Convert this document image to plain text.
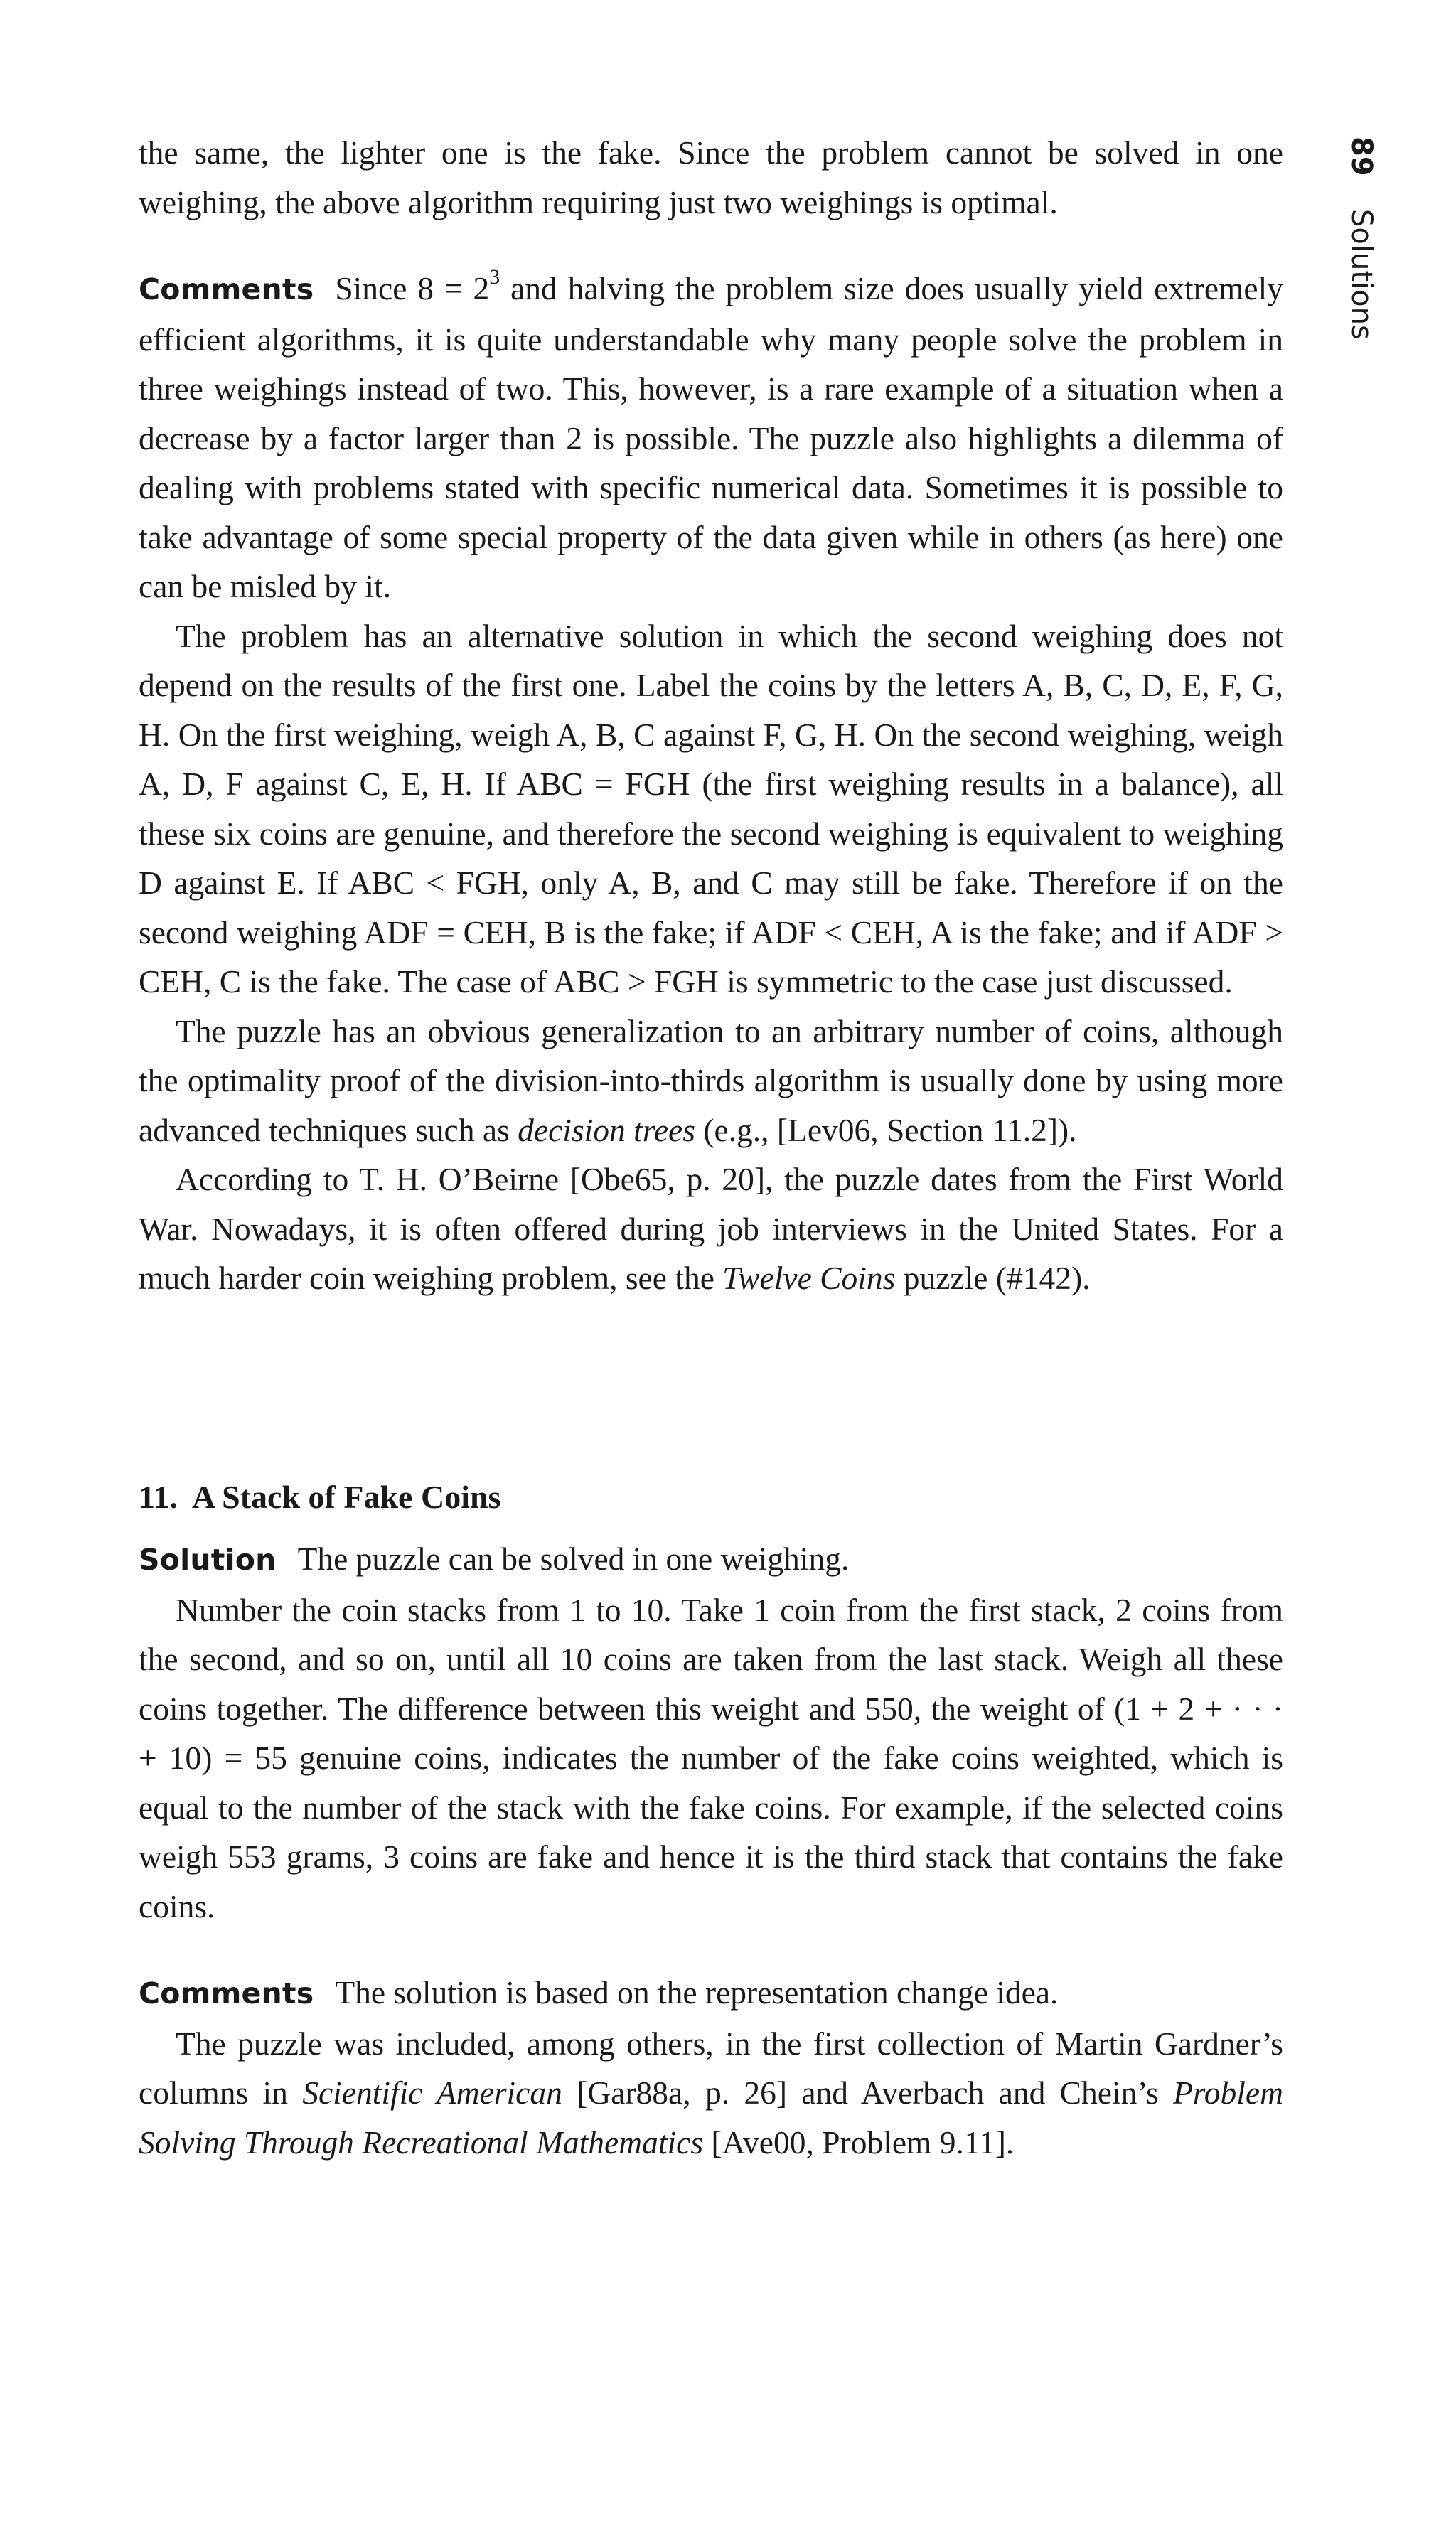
89
Solutions

the same, the lighter one is the fake. Since the problem cannot be solved in one weighing, the above algorithm requiring just two weighings is optimal.

Comments Since $8 = 2^3$ and halving the problem size does usually yield extremely efficient algorithms, it is quite understandable why many people solve the problem in three weighings instead of two. This, however, is a rare example of a situation when a decrease by a factor larger than 2 is possible. The puzzle also highlights a dilemma of dealing with problems stated with specific numerical data. Sometimes it is possible to take advantage of some special property of the data given while in others (as here) one can be misled by it.

The problem has an alternative solution in which the second weighing does not depend on the results of the first one. Label the coins by the letters A, B, C, D, E, F, G, H. On the first weighing, weigh A, B, C against F, G, H. On the second weighing, weigh A, D, F against C, E, H. If ABC = FGH (the first weighing results in a balance), all these six coins are genuine, and therefore the second weighing is equivalent to weighing D against E. If ABC < FGH, only A, B, and C may still be fake. Therefore if on the second weighing ADF = CEH, B is the fake; if ADF < CEH, A is the fake; and if ADF > CEH, C is the fake. The case of ABC > FGH is symmetric to the case just discussed.

The puzzle has an obvious generalization to an arbitrary number of coins, although the optimality proof of the division-into-thirds algorithm is usually done by using more advanced techniques such as decision trees (e.g., [Lev06, Section 11.2]).

According to T. H. O’Beirne [Obe65, p. 20], the puzzle dates from the First World War. Nowadays, it is often offered during job interviews in the United States. For a much harder coin weighing problem, see the Twelve Coins puzzle (#142).

11. A Stack of Fake Coins

Solution The puzzle can be solved in one weighing.

Number the coin stacks from 1 to 10. Take 1 coin from the first stack, 2 coins from the second, and so on, until all 10 coins are taken from the last stack. Weigh all these coins together. The difference between this weight and 550, the weight of (1 + 2 + · · · + 10) = 55 genuine coins, indicates the number of the fake coins weighted, which is equal to the number of the stack with the fake coins. For example, if the selected coins weigh 553 grams, 3 coins are fake and hence it is the third stack that contains the fake coins.

Comments The solution is based on the representation change idea.

The puzzle was included, among others, in the first collection of Martin Gardner’s columns in Scientific American [Gar88a, p. 26] and Averbach and Chein’s Problem Solving Through Recreational Mathematics [Ave00, Problem 9.11].
